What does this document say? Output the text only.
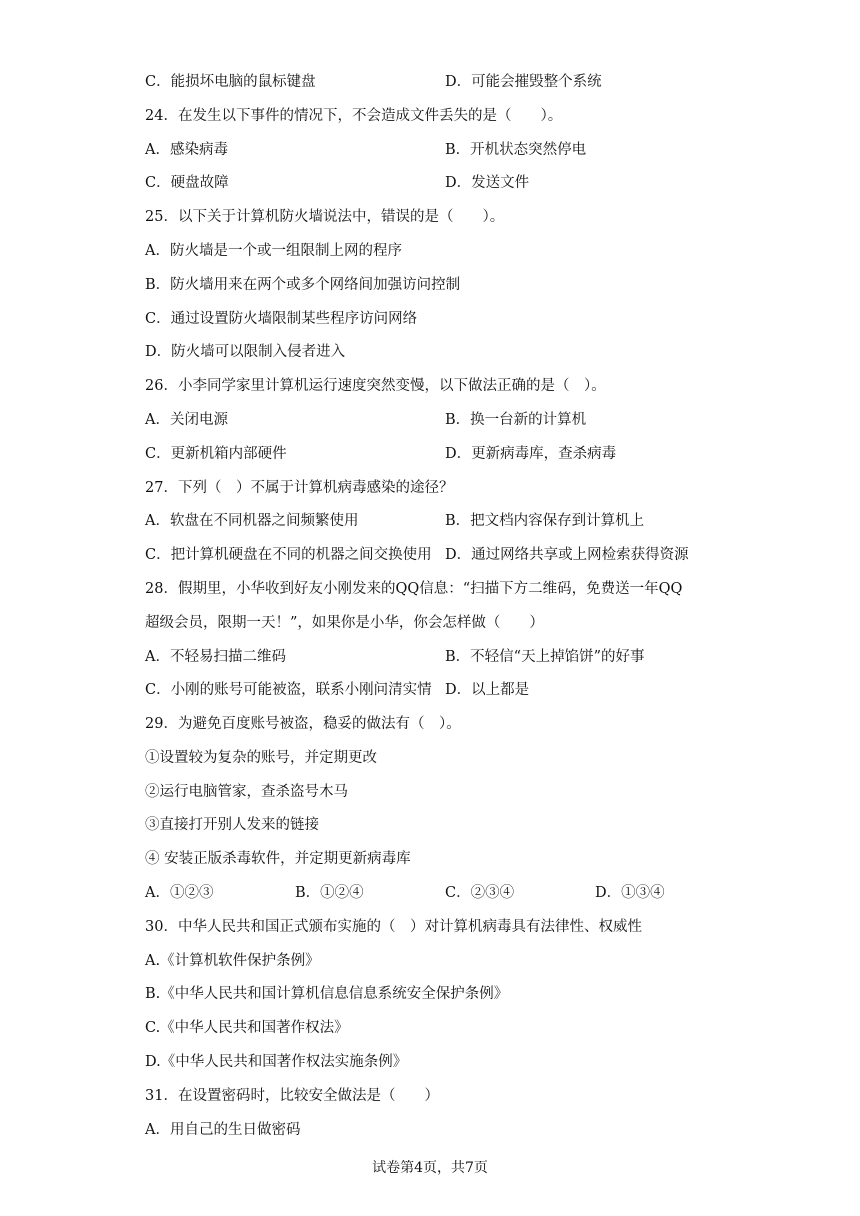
C．能损坏电脑的鼠标键盘	D．可能会摧毁整个系统
24．在发生以下事件的情况下，不会造成文件丢失的是（　　）。
A．感染病毒	B．开机状态突然停电
C．硬盘故障	D．发送文件
25．以下关于计算机防火墙说法中，错误的是（　　）。
A．防火墙是一个或一组限制上网的程序
B．防火墙用来在两个或多个网络间加强访问控制
C．通过设置防火墙限制某些程序访问网络
D．防火墙可以限制入侵者进入
26．小李同学家里计算机运行速度突然变慢，以下做法正确的是（　）。
A．关闭电源	B．换一台新的计算机
C．更新机箱内部硬件	D．更新病毒库，查杀病毒
27．下列（　）不属于计算机病毒感染的途径？
A．软盘在不同机器之间频繁使用	B．把文档内容保存到计算机上
C．把计算机硬盘在不同的机器之间交换使用 D．通过网络共享或上网检索获得资源
28．假期里，小华收到好友小刚发来的QQ信息：“扫描下方二维码，免费送一年QQ
超级会员，限期一天！”，如果你是小华，你会怎样做（　　）
A．不轻易扫描二维码	B．不轻信“天上掉馅饼”的好事
C．小刚的账号可能被盗，联系小刚问清实情 D．以上都是
29．为避免百度账号被盗，稳妥的做法有（　）。
①设置较为复杂的账号，并定期更改
②运行电脑管家，查杀盗号木马
③直接打开别人发来的链接
④ 安装正版杀毒软件，并定期更新病毒库
A．①②③	B．①②④	C．②③④	D．①③④
30．中华人民共和国正式颁布实施的（　）对计算机病毒具有法律性、权威性
A.《计算机软件保护条例》
B.《中华人民共和国计算机信息信息系统安全保护条例》
C.《中华人民共和国著作权法》
D.《中华人民共和国著作权法实施条例》
31．在设置密码时，比较安全做法是（　　）
A．用自己的生日做密码
试卷第4页，共7页
